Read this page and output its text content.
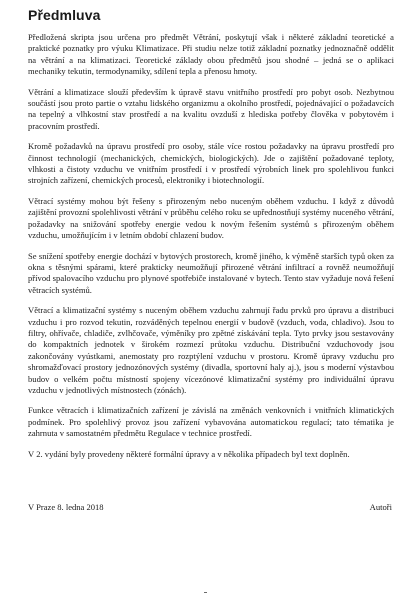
Předmluva

Předložená skripta jsou určena pro předmět Větrání, poskytují však i některé základní teoretické a praktické poznatky pro výuku Klimatizace. Při studiu nelze totiž základní poznatky jednoznačně oddělit na větrání a na klimatizaci. Teoretické základy obou předmětů jsou shodné – jedná se o aplikaci mechaniky tekutin, termodynamiky, sdílení tepla a přenosu hmoty.

Větrání a klimatizace slouží především k úpravě stavu vnitřního prostředí pro pobyt osob. Nezbytnou součástí jsou proto partie o vztahu lidského organizmu a okolního prostředí, pojednávající o požadavcích na tepelný a vlhkostní stav prostředí a na kvalitu ovzduší z hlediska potřeby člověka v pobytovém i pracovním prostředí.

Kromě požadavků na úpravu prostředí pro osoby, stále více rostou požadavky na úpravu prostředí pro činnost technologií (mechanických, chemických, biologických). Jde o zajištění požadované teploty, vlhkosti a čistoty vzduchu ve vnitřním prostředí i v prostředí výrobních linek pro spolehlivou funkci strojních zařízení, chemických procesů, elektroniky i biotechnologií.

Větrací systémy mohou být řešeny s přirozeným nebo nuceným oběhem vzduchu. I když z důvodů zajištění provozní spolehlivosti větrání v průběhu celého roku se upřednostňují systémy nuceného větrání, požadavky na snižování spotřeby energie vedou k novým řešením systémů s přirozeným oběhem vzduchu, umožňujícím i v letním období chlazení budov.

Se snížení spotřeby energie dochází v bytových prostorech, kromě jiného, k výměně starších typů oken za okna s těsnými spárami, které prakticky neumožňují přirozené větrání infiltrací a rovněž neumožňují přívod spalovacího vzduchu pro plynové spotřebiče instalované v bytech. Tento stav vyžaduje nová řešení větracích systémů.

Větrací a klimatizační systémy s nuceným oběhem vzduchu zahrnují řadu prvků pro úpravu a distribuci vzduchu i pro rozvod tekutin, rozváděných tepelnou energií v budově (vzduch, voda, chladivo). Jsou to filtry, ohřívače, chladiče, zvlhčovače, výměníky pro zpětné získávání tepla. Tyto prvky jsou sestavovány do kompaktních jednotek v širokém rozmezí průtoku vzduchu. Distribuční vzduchovody jsou zakončovány vyústkami, anemostaty pro rozptýlení vzduchu v prostoru. Kromě úpravy vzduchu pro shromažďovací prostory jednozónových systémy (divadla, sportovní haly aj.), jsou s moderní výstavbou budov o velkém počtu místností spojeny vícezónové klimatizační systémy pro individuální úpravu vzduchu v jednotlivých místnostech (zónách).

Funkce větracích i klimatizačních zařízení je závislá na změnách venkovních i vnitřních klimatických podmínek. Pro spolehlivý provoz jsou zařízení vybavována automatickou regulací; tato tématika je zahrnuta v samostatném předmětu Regulace v technice prostředí.

V 2. vydání byly provedeny některé formální úpravy a v několika případech byl text doplněn.

V Praze 8. ledna 2018	Autoři
